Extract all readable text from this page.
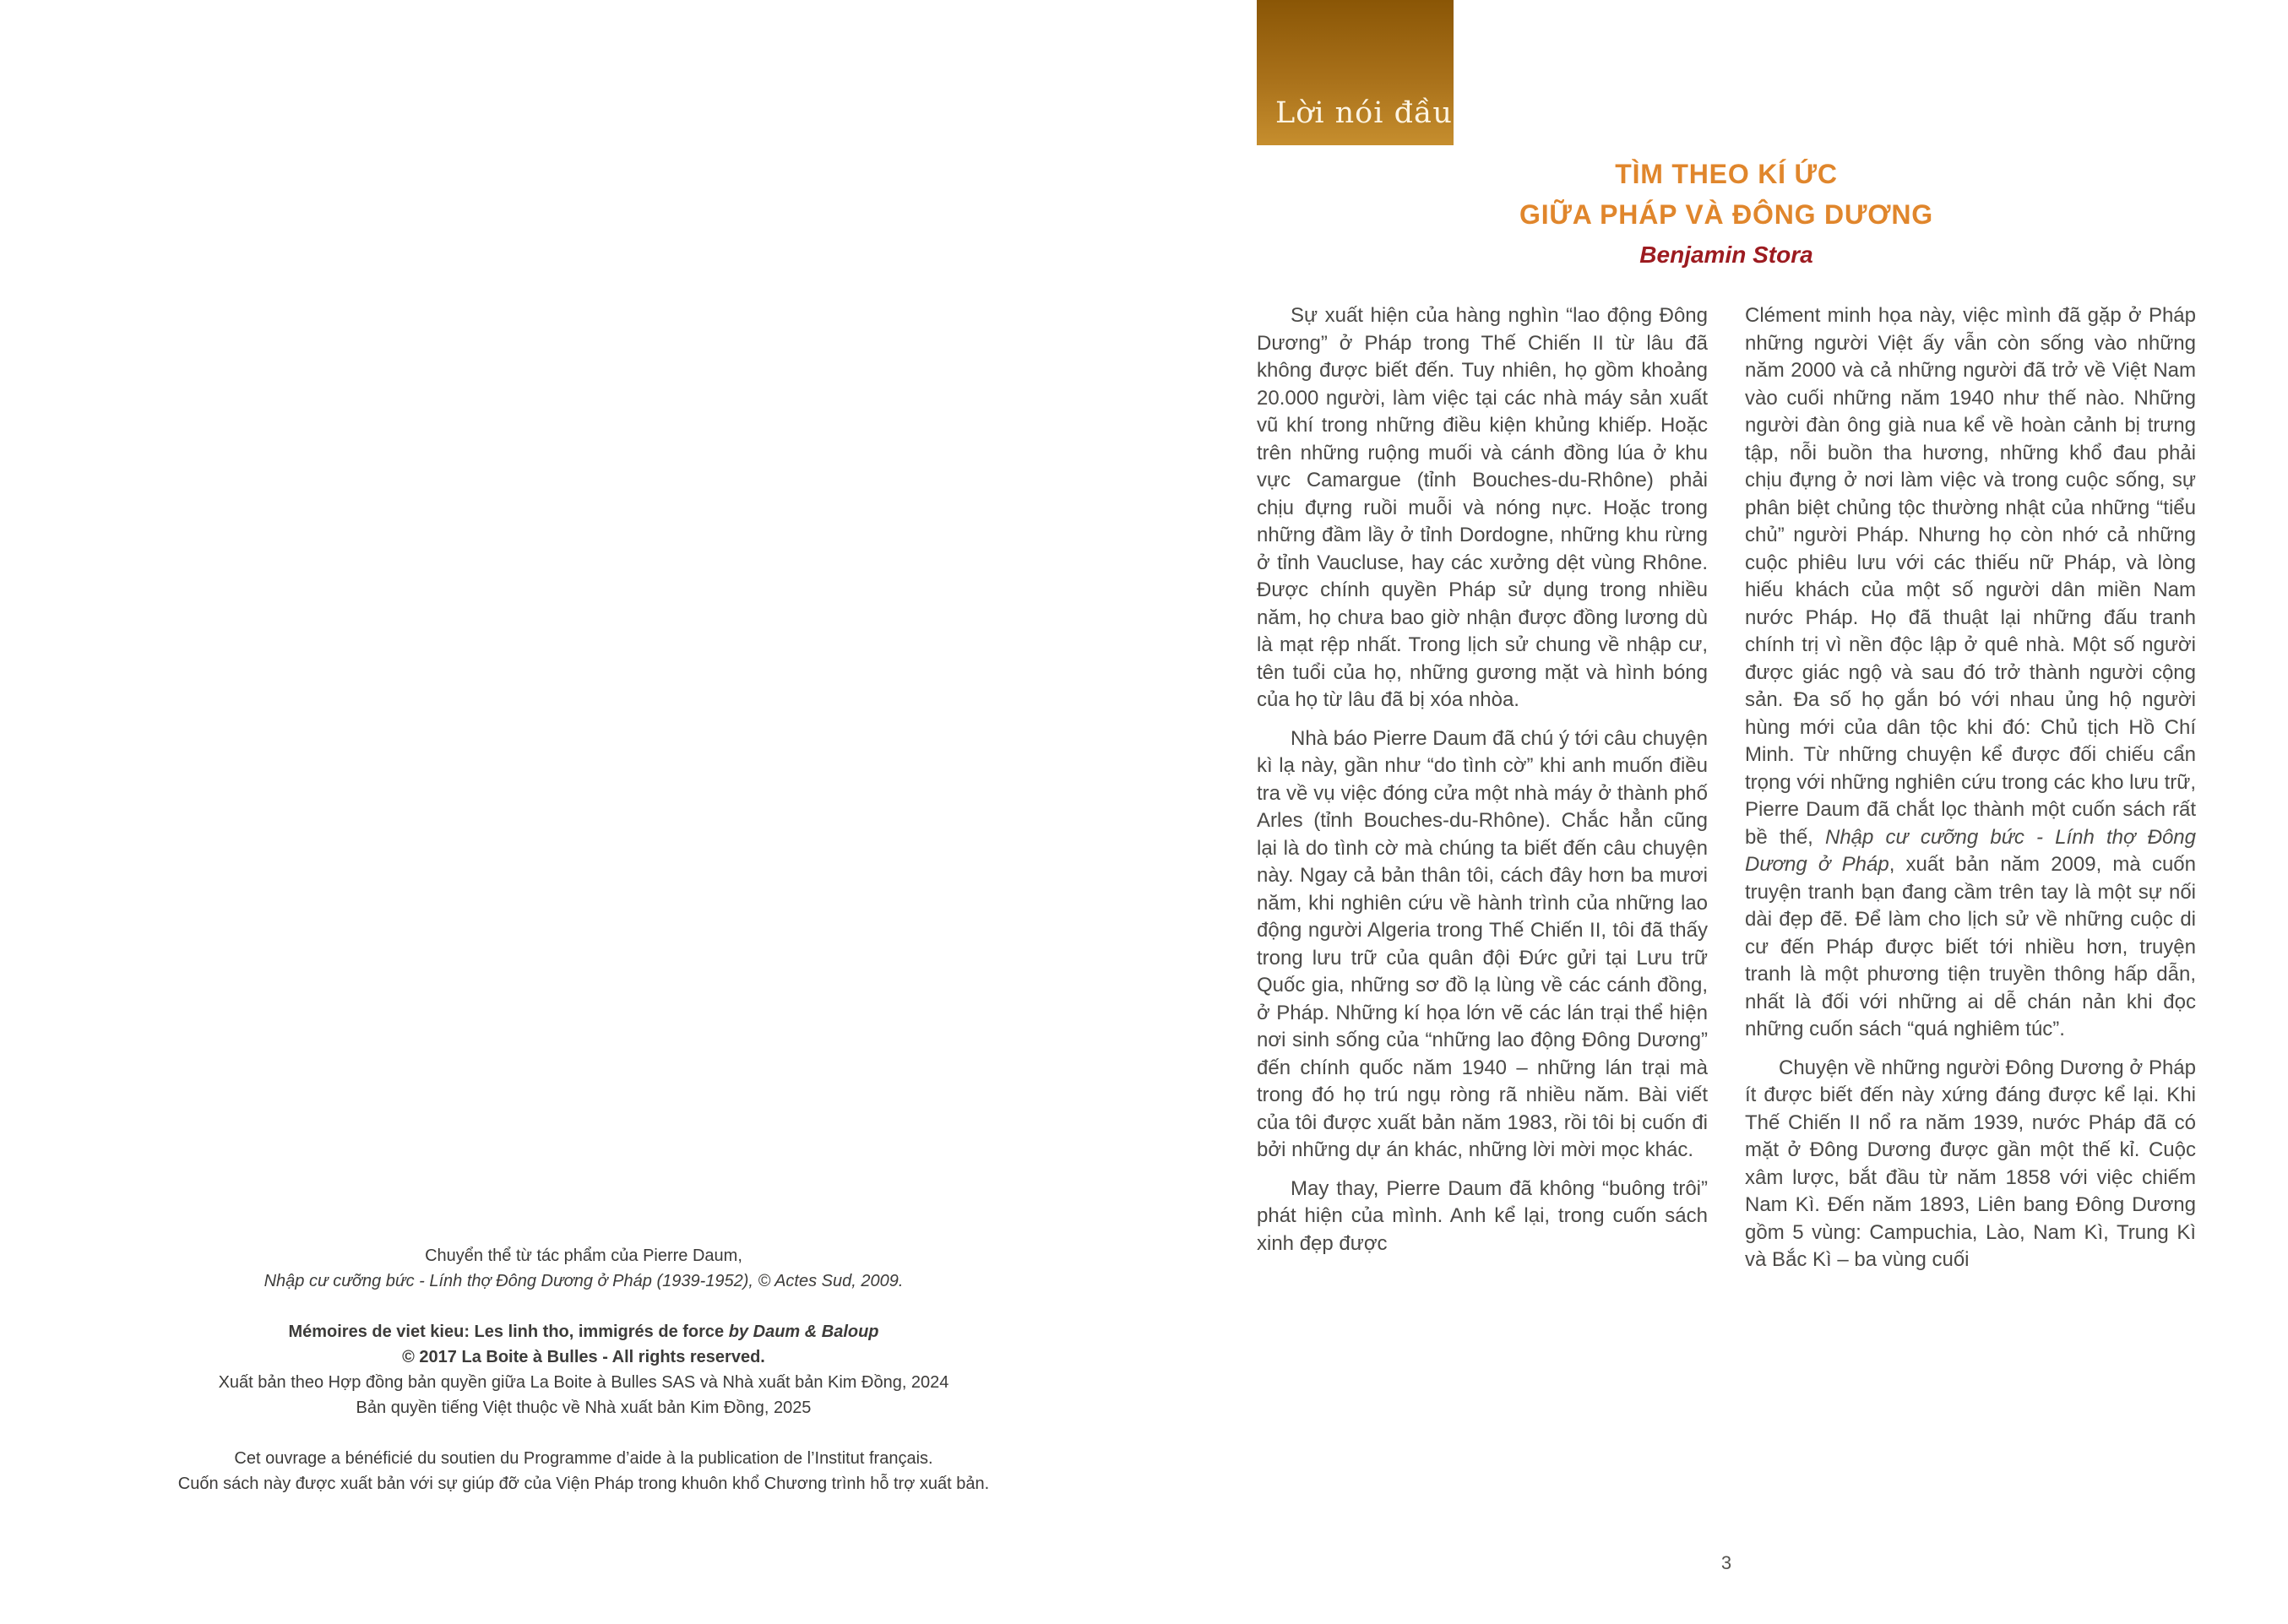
Chuyển thể từ tác phẩm của Pierre Daum,

Nhập cư cưỡng bức - Lính thợ Đông Dương ở Pháp (1939-1952), © Actes Sud, 2009.

Mémoires de viet kieu: Les linh tho, immigrés de force by Daum & Baloup

© 2017 La Boite à Bulles - All rights reserved.

Xuất bản theo Hợp đồng bản quyền giữa La Boite à Bulles SAS và Nhà xuất bản Kim Đồng, 2024

Bản quyền tiếng Việt thuộc về Nhà xuất bản Kim Đồng, 2025

Cet ouvrage a bénéficié du soutien du Programme d’aide à la publication de l’Institut français.

Cuốn sách này được xuất bản với sự giúp đỡ của Viện Pháp trong khuôn khổ Chương trình hỗ trợ xuất bản.

Lời nói đầu
TÌM THEO KÍ ỨC
GIỮA PHÁP VÀ ĐÔNG DƯƠNG
Benjamin Stora

Sự xuất hiện của hàng nghìn “lao động Đông Dương” ở Pháp trong Thế Chiến II từ lâu đã không được biết đến. Tuy nhiên, họ gồm khoảng 20.000 người, làm việc tại các nhà máy sản xuất vũ khí trong những điều kiện khủng khiếp. Hoặc trên những ruộng muối và cánh đồng lúa ở khu vực Camargue (tỉnh Bouches-du-Rhône) phải chịu đựng ruồi muỗi và nóng nực. Hoặc trong những đầm lầy ở tỉnh Dordogne, những khu rừng ở tỉnh Vaucluse, hay các xưởng dệt vùng Rhône. Được chính quyền Pháp sử dụng trong nhiều năm, họ chưa bao giờ nhận được đồng lương dù là mạt rệp nhất. Trong lịch sử chung về nhập cư, tên tuổi của họ, những gương mặt và hình bóng của họ từ lâu đã bị xóa nhòa.

Nhà báo Pierre Daum đã chú ý tới câu chuyện kì lạ này, gần như “do tình cờ” khi anh muốn điều tra về vụ việc đóng cửa một nhà máy ở thành phố Arles (tỉnh Bouches-du-Rhône). Chắc hẳn cũng lại là do tình cờ mà chúng ta biết đến câu chuyện này. Ngay cả bản thân tôi, cách đây hơn ba mươi năm, khi nghiên cứu về hành trình của những lao động người Algeria trong Thế Chiến II, tôi đã thấy trong lưu trữ của quân đội Đức gửi tại Lưu trữ Quốc gia, những sơ đồ lạ lùng về các cánh đồng, ở Pháp. Những kí họa lớn vẽ các lán trại thể hiện nơi sinh sống của “những lao động Đông Dương” đến chính quốc năm 1940 – những lán trại mà trong đó họ trú ngụ ròng rã nhiều năm. Bài viết của tôi được xuất bản năm 1983, rồi tôi bị cuốn đi bởi những dự án khác, những lời mời mọc khác.

May thay, Pierre Daum đã không “buông trôi” phát hiện của mình. Anh kể lại, trong cuốn sách xinh đẹp được

Clément minh họa này, việc mình đã gặp ở Pháp những người Việt ấy vẫn còn sống vào những năm 2000 và cả những người đã trở về Việt Nam vào cuối những năm 1940 như thế nào. Những người đàn ông già nua kể về hoàn cảnh bị trưng tập, nỗi buồn tha hương, những khổ đau phải chịu đựng ở nơi làm việc và trong cuộc sống, sự phân biệt chủng tộc thường nhật của những “tiểu chủ” người Pháp. Nhưng họ còn nhớ cả những cuộc phiêu lưu với các thiếu nữ Pháp, và lòng hiếu khách của một số người dân miền Nam nước Pháp. Họ đã thuật lại những đấu tranh chính trị vì nền độc lập ở quê nhà. Một số người được giác ngộ và sau đó trở thành người cộng sản. Đa số họ gắn bó với nhau ủng hộ người hùng mới của dân tộc khi đó: Chủ tịch Hồ Chí Minh. Từ những chuyện kể được đối chiếu cẩn trọng với những nghiên cứu trong các kho lưu trữ, Pierre Daum đã chắt lọc thành một cuốn sách rất bề thế, Nhập cư cưỡng bức - Lính thợ Đông Dương ở Pháp, xuất bản năm 2009, mà cuốn truyện tranh bạn đang cầm trên tay là một sự nối dài đẹp đẽ. Để làm cho lịch sử về những cuộc di cư đến Pháp được biết tới nhiều hơn, truyện tranh là một phương tiện truyền thông hấp dẫn, nhất là đối với những ai dễ chán nản khi đọc những cuốn sách “quá nghiêm túc”.

Chuyện về những người Đông Dương ở Pháp ít được biết đến này xứng đáng được kể lại. Khi Thế Chiến II nổ ra năm 1939, nước Pháp đã có mặt ở Đông Dương được gần một thế kỉ. Cuộc xâm lược, bắt đầu từ năm 1858 với việc chiếm Nam Kì. Đến năm 1893, Liên bang Đông Dương gồm 5 vùng: Campuchia, Lào, Nam Kì, Trung Kì và Bắc Kì – ba vùng cuối

3
